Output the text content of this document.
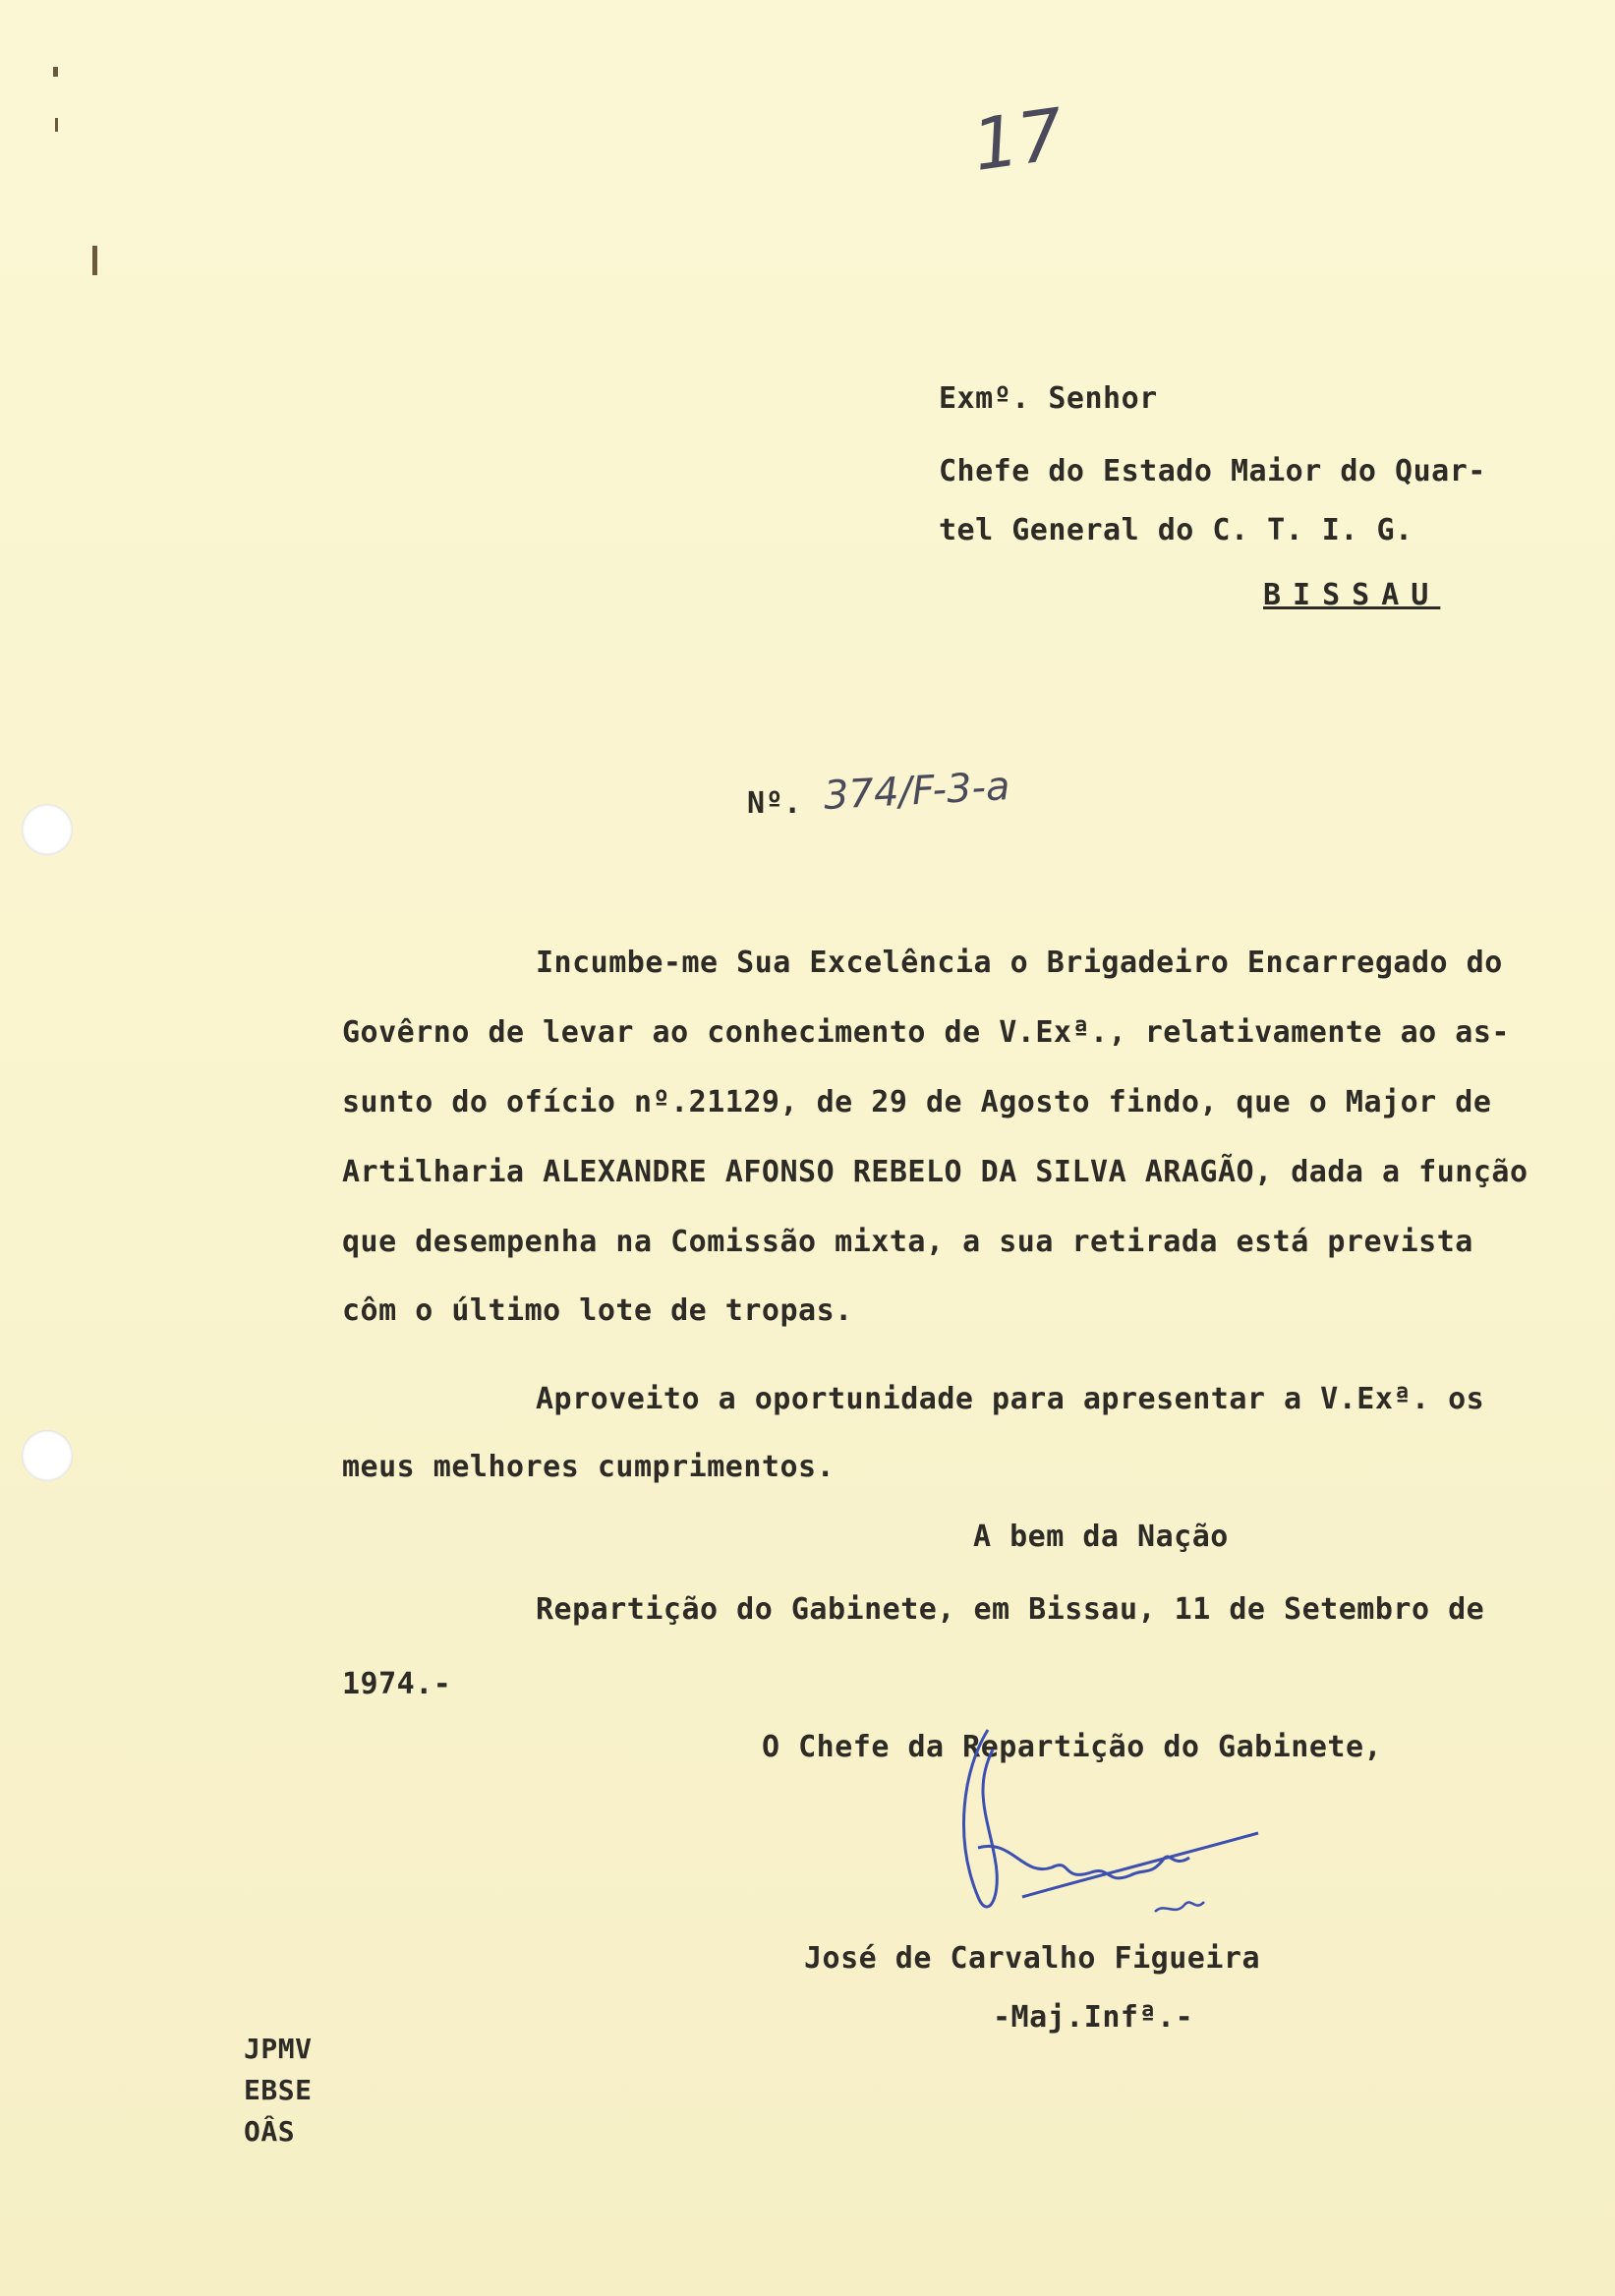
17
Exmº. Senhor
Chefe do Estado Maior do Quar-
tel General do C. T. I. G.
BISSAU
Nº. 374/F-3-a
Incumbe-me Sua Excelência o Brigadeiro Encarregado do
Govêrno de levar ao conhecimento de V.Exª., relativamente ao as-
sunto do ofício nº.21129, de 29 de Agosto findo, que o Major de
Artilharia ALEXANDRE AFONSO REBELO DA SILVA ARAGÃO, dada a função
que desempenha na Comissão mixta, a sua retirada está prevista
côm o último lote de tropas.
Aproveito a oportunidade para apresentar a V.Exª. os
meus melhores cumprimentos.
A bem da Nação
Repartição do Gabinete, em Bissau, 11 de Setembro de
1974.-
O Chefe da Repartição do Gabinete,
José de Carvalho Figueira
-Maj.Infª.-
JPMV
EBSE
OÂS
